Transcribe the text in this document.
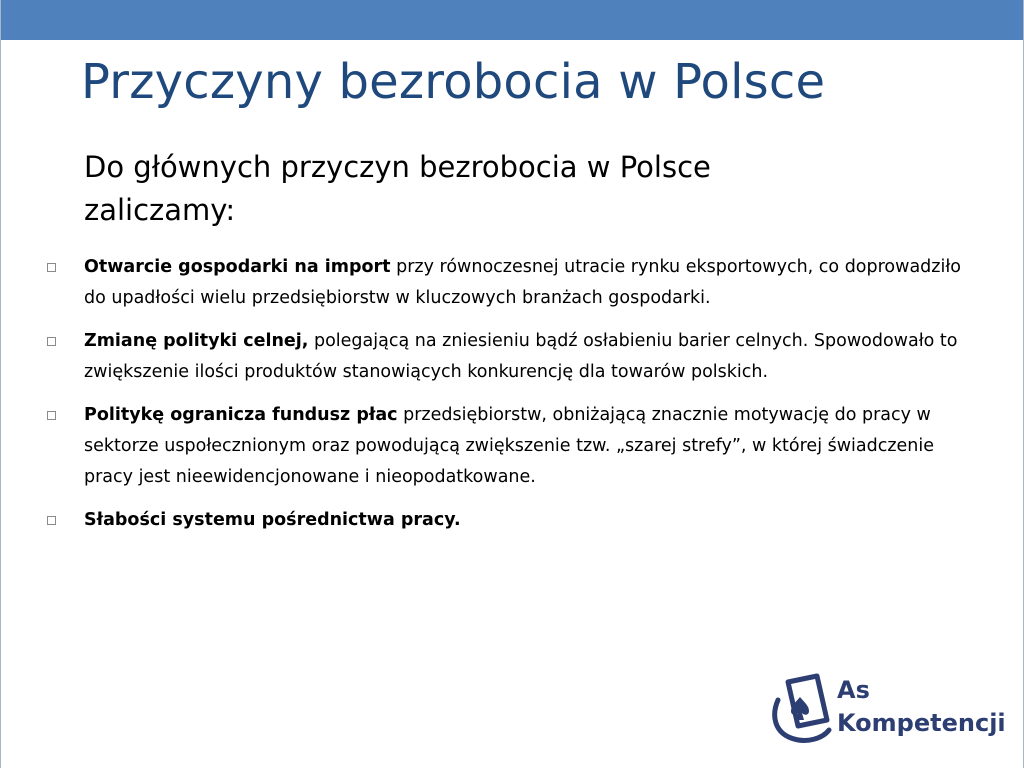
Przyczyny bezrobocia w Polsce

Do głównych przyczyn bezrobocia w Polsce zaliczamy:

Otwarcie gospodarki na import przy równoczesnej utracie rynku eksportowych, co doprowadziło do upadłości wielu przedsiębiorstw w kluczowych branżach gospodarki.
Zmianę polityki celnej, polegającą na zniesieniu bądź osłabieniu barier celnych. Spowodowało to zwiększenie ilości produktów stanowiących konkurencję dla towarów polskich.
Politykę ogranicza fundusz płac przedsiębiorstw, obniżającą znacznie motywację do pracy w sektorze uspołecznionym oraz powodującą zwiększenie tzw. „szarej strefy”, w której świadczenie pracy jest nieewidencjonowane i nieopodatkowane.
Słabości systemu pośrednictwa pracy.
As
Kompetencji
